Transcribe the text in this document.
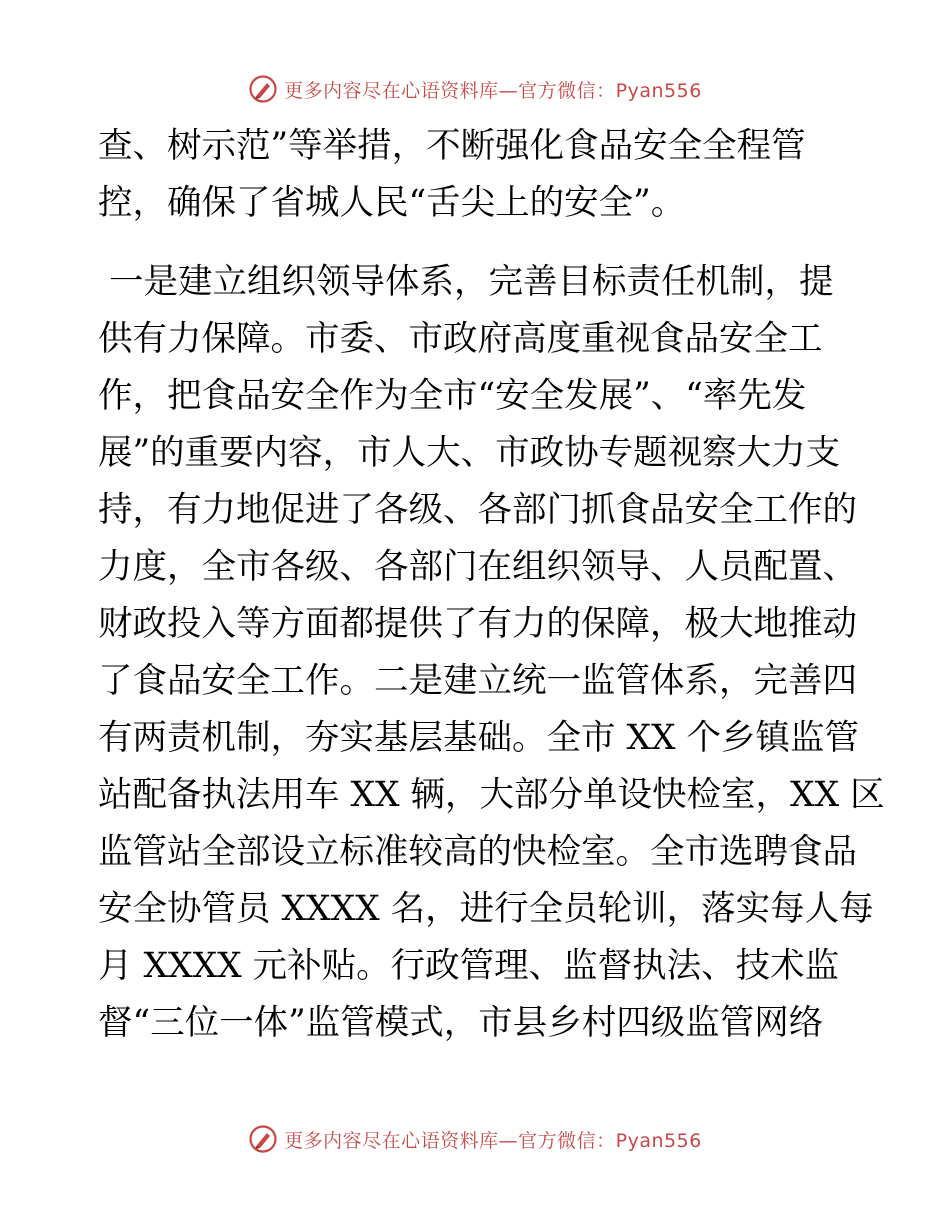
更多内容尽在心语资料库—官方微信：Pyan556
查、树示范”等举措，不断强化食品安全全程管
控，确保了省城人民“舌尖上的安全”。
一是建立组织领导体系，完善目标责任机制，提
供有力保障。市委、市政府高度重视食品安全工
作，把食品安全作为全市“安全发展”、“率先发
展”的重要内容，市人大、市政协专题视察大力支
持，有力地促进了各级、各部门抓食品安全工作的
力度，全市各级、各部门在组织领导、人员配置、
财政投入等方面都提供了有力的保障，极大地推动
了食品安全工作。二是建立统一监管体系，完善四
有两责机制，夯实基层基础。全市 XX 个乡镇监管
站配备执法用车 XX 辆，大部分单设快检室，XX 区
监管站全部设立标准较高的快检室。全市选聘食品
安全协管员 XXXX 名，进行全员轮训，落实每人每
月 XXXX 元补贴。行政管理、监督执法、技术监
督“三位一体”监管模式，市县乡村四级监管网络
更多内容尽在心语资料库—官方微信：Pyan556
